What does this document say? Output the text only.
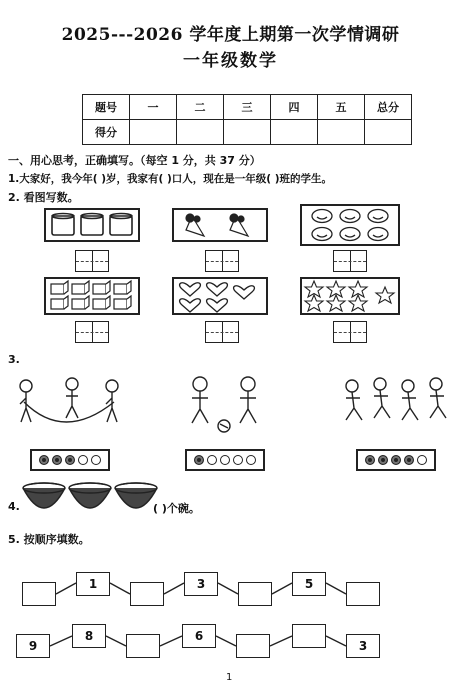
2025---2026 学年度上期第一次学情调研
一年级数学
题号	一	二	三	四	五	总分
得分						
一、用心思考，正确填写。（每空 1 分，共 37 分）
1.大家好，我今年( )岁，我家有( )口人，现在是一年级( )班的学生。
2. 看图写数。
3.
4.	( )个碗。
5. 按顺序填数。
1	3	5
9
8	6
3
1
